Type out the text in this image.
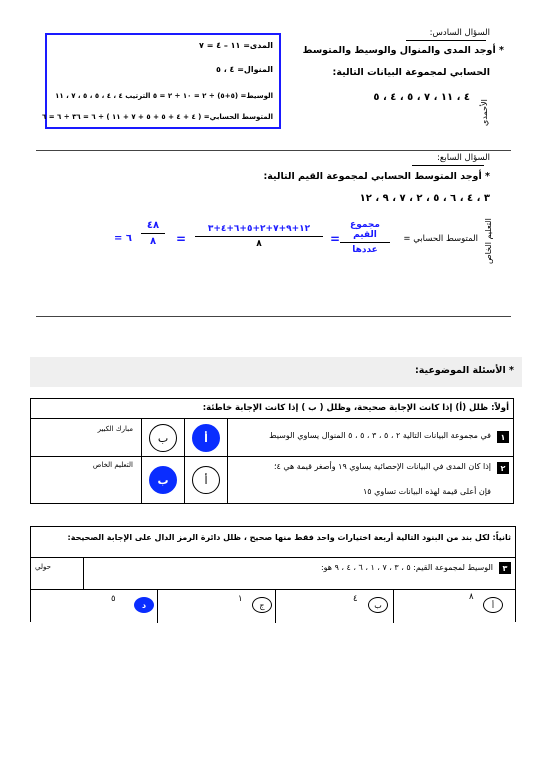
السؤال السادس:
* أوجد المدى والمنوال والوسيط والمتوسط
الحسابي لمجموعة البيانات التالية:
٤ ، ١١ ، ٧ ، ٥ ، ٤ ، ٥
الأحمدي
المدى= ١١ – ٤ = ٧
المنوال= ٤ ، ٥
الوسيط= (٥+٥) ÷ ٢ = ١٠ ÷ ٢ = ٥ الترتيب ٤ ، ٤ ، ٥ ، ٥ ، ٧ ، ١١
المتوسط الحسابي= ( ٤ + ٤ + ٥ + ٥ + ٧ + ١١ ) ÷ ٦ = ٣٦ ÷ ٦ = ٦
السؤال السابع:
* أوجد المتوسط الحسابي لمجموعة القيم التالية:
٣ ، ٤ ، ٦ ، ٥ ، ٢ ، ٧ ، ٩ ، ١٢
التعليم الخاص
المتوسط الحسابي =
مجموع القيم
عددها
=
١٢+٩+٧+٢+٥+٦+٤+٣
٨
=
٤٨
٨
= ٦
* الأسئلة الموضوعية:
أولاً: ظلل (أ) إذا كانت الإجابة صحيحة، وظلل ( ب ) إذا كانت الإجابة خاطئة:
١
في مجموعة البيانات التالية ٢ ، ٥ ، ٣ ، ٥ ، ٥ المنوال يساوي الوسيط
أ
ب
مبارك الكبير
٢
إذا كان المدى في البيانات الإحصائية يساوي ١٩ وأصغر قيمة هي ٤؛
فإن أعلى قيمة لهذه البيانات تساوي ١٥
أ
ب
التعليم الخاص
ثانياً: لكل بند من البنود التالية أربعة اختيارات واحد فقط منها صحيح ، ظلل دائرة الرمز الدال على الإجابة الصحيحة:
٣
الوسيط لمجموعة القيم: ٥ ، ٣ ، ٧ ، ١ ، ٦ ، ٤ ، ٩ هو:
حولي
أ
٨
ب
٤
ج
١
د
٥
